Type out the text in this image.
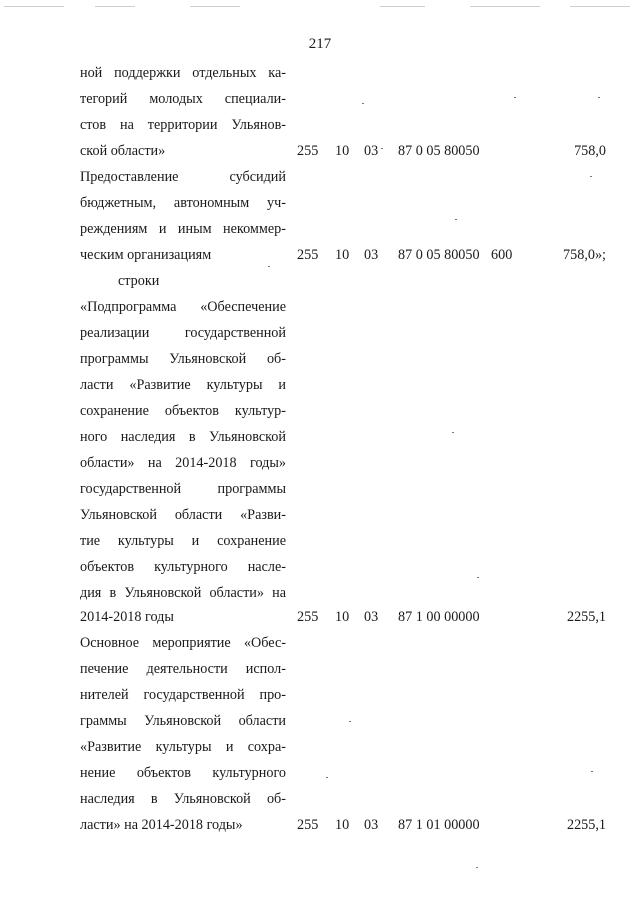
217
ной поддержки отдельных ка-
тегорий молодых специали-
стов на территории Ульянов-
ской области»	255 10 03 87 0 05 80050	758,0
Предоставление субсидий
бюджетным, автономным уч-
реждениям и иным некоммер-
ческим организациям	255 10 03 87 0 05 80050 600	758,0»;
строки
«Подпрограмма «Обеспечение
реализации государственной
программы Ульяновской об-
ласти «Развитие культуры и
сохранение объектов культур-
ного наследия в Ульяновской
области» на 2014-2018 годы»
государственной программы
Ульяновской области «Разви-
тие культуры и сохранение
объектов культурного насле-
дия в Ульяновской области» на
2014-2018 годы	255 10 03 87 1 00 00000	2255,1
Основное мероприятие «Обес-
печение деятельности испол-
нителей государственной про-
граммы Ульяновской области
«Развитие культуры и сохра-
нение объектов культурного
наследия в Ульяновской об-
ласти» на 2014-2018 годы»	255 10 03 87 1 01 00000	2255,1
